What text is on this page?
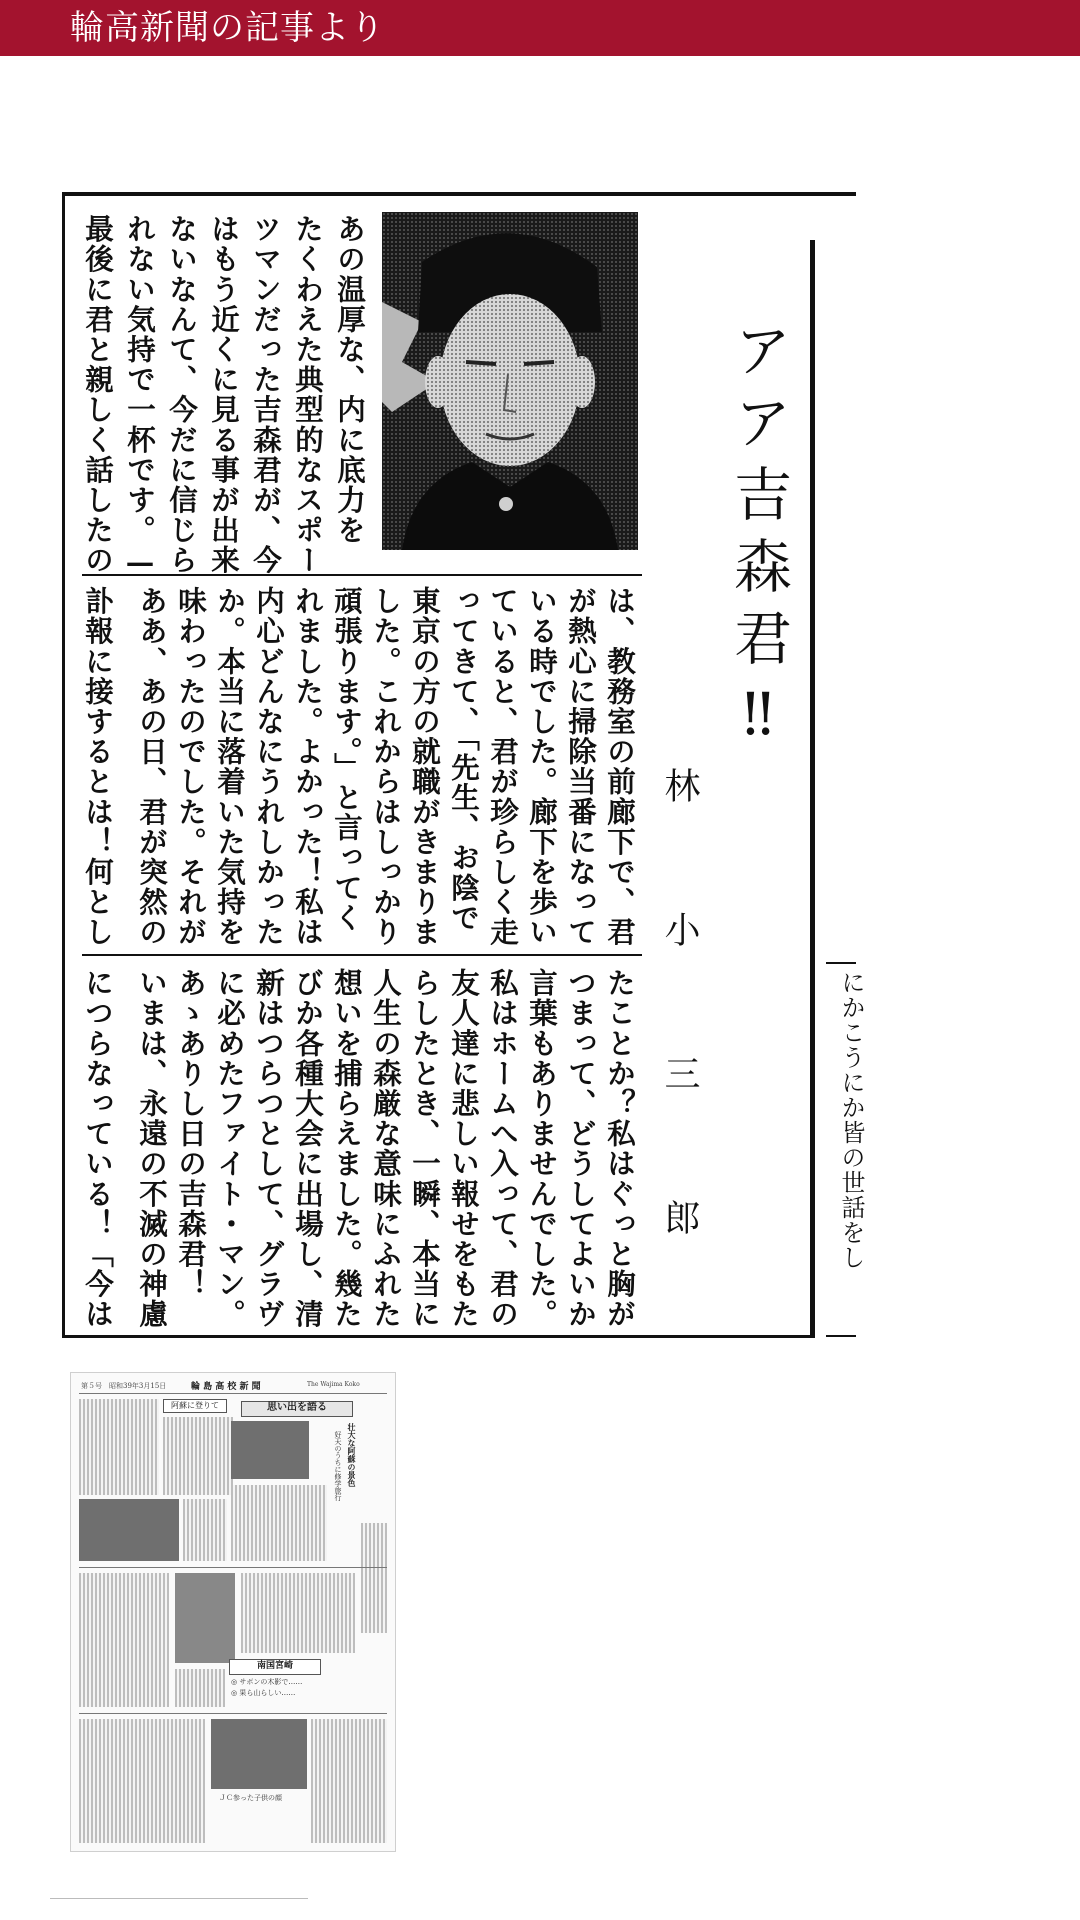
輪高新聞の記事より
アア吉森君‼
林　小　三　郎
あの温厚な、内に底力を
たくわえた典型的なスポー
ツマンだった吉森君が、今
はもう近くに見る事が出来
ないなんて、今だに信じら
れない気持で一杯です。—
最後に君と親しく話したの
は、教務室の前廊下で、君
が熱心に掃除当番になって
いる時でした。廊下を歩い
ていると、君が珍らしく走
ってきて、「先生、お陰で
東京の方の就職がきまりま
した。これからはしっかり
頑張ります。」と言ってく
れました。よかった！私は
内心どんなにうれしかった
か。本当に落着いた気持を
味わったのでした。それが
ああ、あの日、君が突然の
訃報に接するとは！何とし
たことか？私はぐっと胸が
つまって、どうしてよいか
言葉もありませんでした。
私はホームへ入って、君の
友人達に悲しい報せをもた
らしたとき、一瞬、本当に
人生の森厳な意味にふれた
想いを捕らえました。幾た
びか各種大会に出場し、清
新はつらつとして、グラヴ
に必めたファイト・マン。
あゝありし日の吉森君！
いまは、永遠の不滅の神慮
につらなっている！「今は	にかこうにか皆の世話をし
第５号　昭和39年3月15日	輪 島 高 校 新 聞	The Wajima Koko
阿蘇に登りて	思い出を語る
壮大な阿蘇の景色
好天のうちに修学旅行
南国宮崎
◎ サボンの木影で……
◎ 果ら山らしい……
ＪＣ参った子供の顔
